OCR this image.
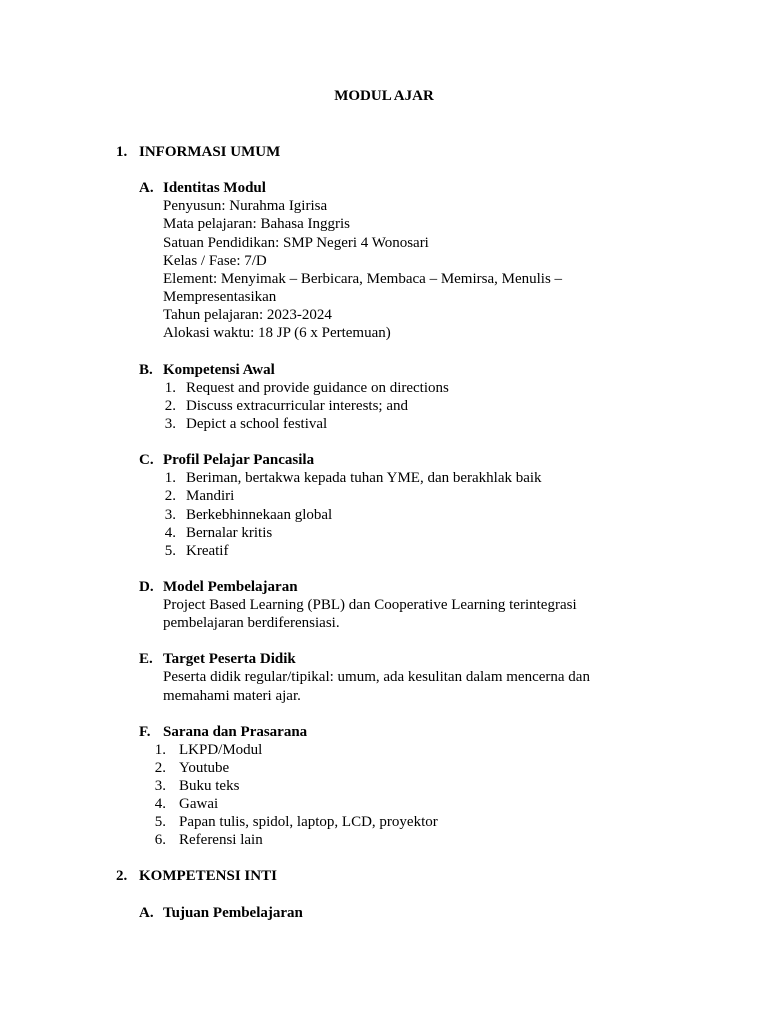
MODUL AJAR
1. INFORMASI UMUM
A. Identitas Modul
Penyusun: Nurahma Igirisa
Mata pelajaran: Bahasa Inggris
Satuan Pendidikan: SMP Negeri 4 Wonosari
Kelas / Fase: 7/D
Element: Menyimak – Berbicara, Membaca – Memirsa, Menulis –
Mempresentasikan
Tahun pelajaran: 2023-2024
Alokasi waktu: 18 JP (6 x Pertemuan)
B. Kompetensi Awal
1. Request and provide guidance on directions
2. Discuss extracurricular interests; and
3. Depict a school festival
C. Profil Pelajar Pancasila
1. Beriman, bertakwa kepada tuhan YME, dan berakhlak baik
2. Mandiri
3. Berkebhinnekaan global
4. Bernalar kritis
5. Kreatif
D. Model Pembelajaran
Project Based Learning (PBL) dan Cooperative Learning terintegrasi
pembelajaran berdiferensiasi.
E. Target Peserta Didik
Peserta didik regular/tipikal: umum, ada kesulitan dalam mencerna dan
memahami materi ajar.
F. Sarana dan Prasarana
1. LKPD/Modul
2. Youtube
3. Buku teks
4. Gawai
5. Papan tulis, spidol, laptop, LCD, proyektor
6. Referensi lain
2. KOMPETENSI INTI
A. Tujuan Pembelajaran
